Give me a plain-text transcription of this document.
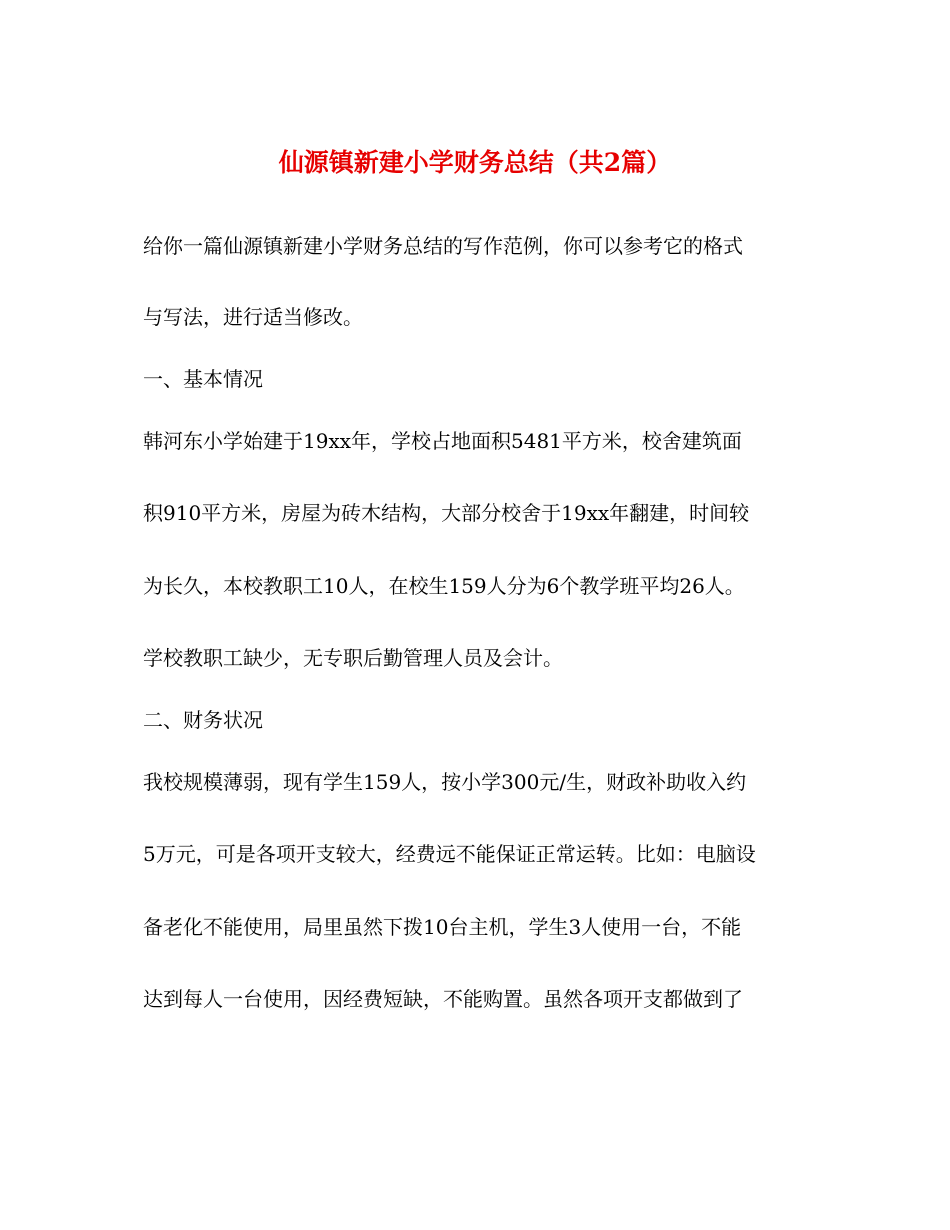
仙源镇新建小学财务总结（共2篇）
给你一篇仙源镇新建小学财务总结的写作范例，你可以参考它的格式
与写法，进行适当修改。
一、基本情况
韩河东小学始建于19xx年，学校占地面积5481平方米，校舍建筑面
积910平方米，房屋为砖木结构，大部分校舍于19xx年翻建，时间较
为长久，本校教职工10人，在校生159人分为6个教学班平均26人。
学校教职工缺少，无专职后勤管理人员及会计。
二、财务状况
我校规模薄弱，现有学生159人，按小学300元/生，财政补助收入约
5万元，可是各项开支较大，经费远不能保证正常运转。比如：电脑设
备老化不能使用，局里虽然下拨10台主机，学生3人使用一台，不能
达到每人一台使用，因经费短缺，不能购置。虽然各项开支都做到了
